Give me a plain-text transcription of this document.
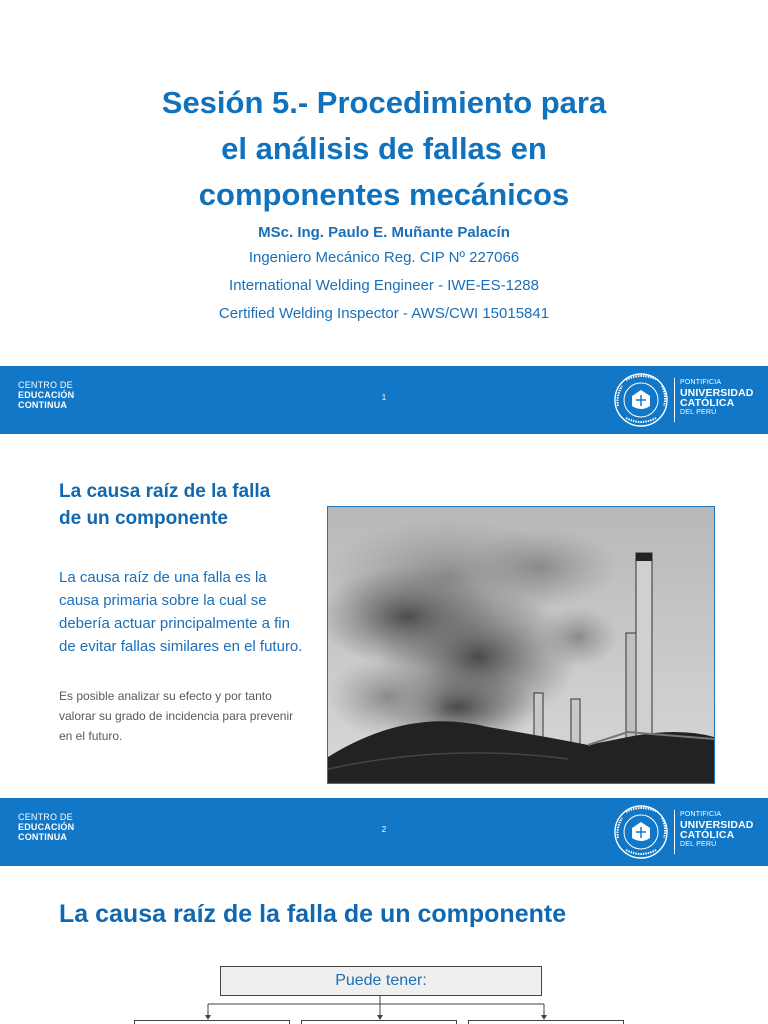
Sesión 5.- Procedimiento para
el análisis de fallas en
componentes mecánicos
MSc. Ing. Paulo E. Muñante Palacín
Ingeniero Mecánico Reg. CIP Nº 227066
International Welding Engineer - IWE-ES-1288
Certified Welding Inspector - AWS/CWI 15015841
CENTRO DE
EDUCACIÓN
CONTINUA
1
PONTIFICIA
UNIVERSIDAD
CATÓLICA
DEL PERÚ
La causa raíz de la falla de un componente
La causa raíz de una falla es la causa primaria sobre la cual se debería actuar principalmente a fin de evitar fallas similares en el futuro.
Es posible analizar su efecto y por tanto valorar su grado de incidencia para prevenir en el futuro.
CENTRO DE
EDUCACIÓN
CONTINUA
2
PONTIFICIA
UNIVERSIDAD
CATÓLICA
DEL PERÚ
La causa raíz de la falla de un componente
Puede tener:
